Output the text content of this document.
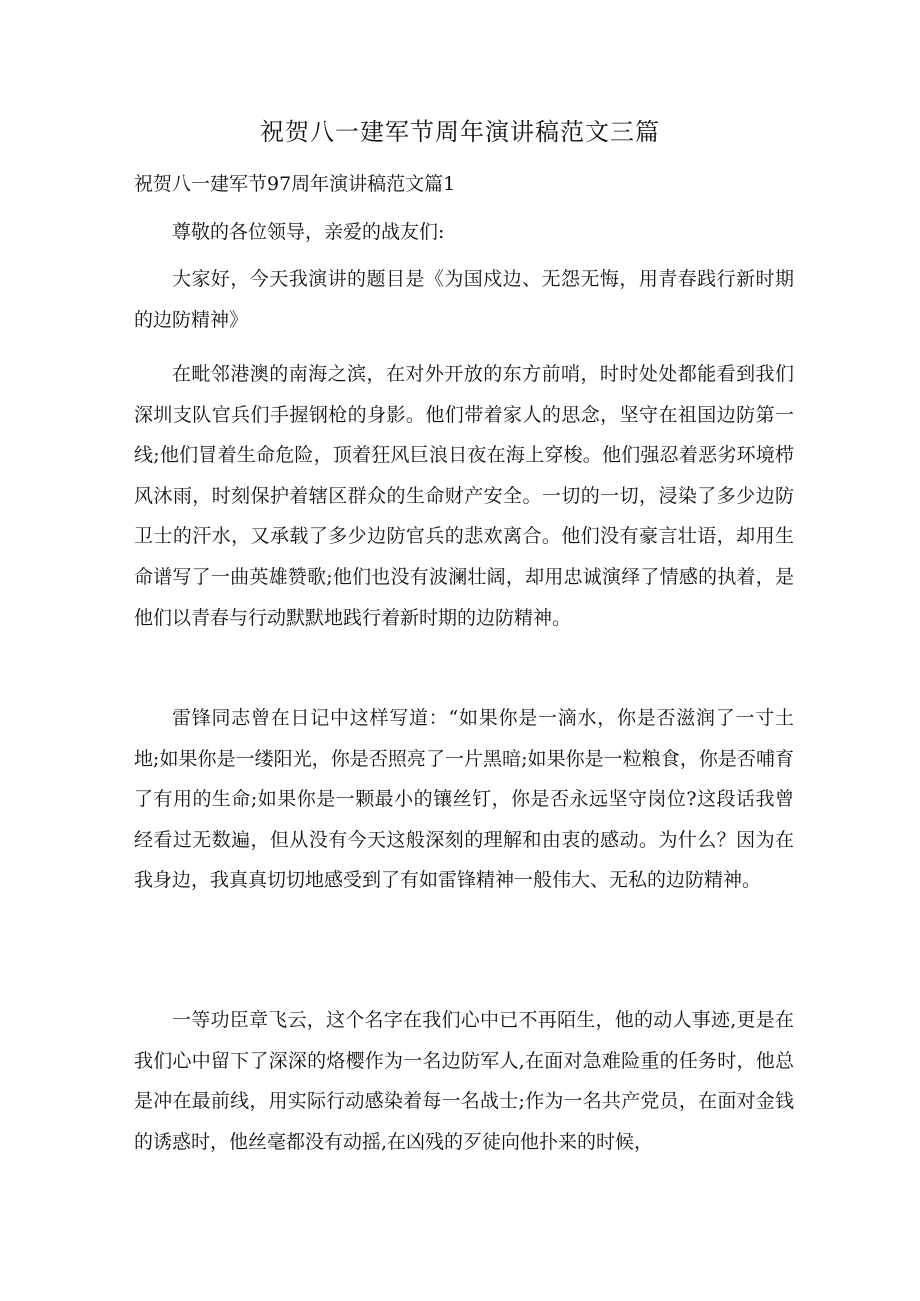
祝贺八一建军节周年演讲稿范文三篇
祝贺八一建军节97周年演讲稿范文篇1

尊敬的各位领导，亲爱的战友们:

大家好，今天我演讲的题目是《为国戍边、无怨无悔，用青春践行新时期的边防精神》

在毗邻港澳的南海之滨，在对外开放的东方前哨，时时处处都能看到我们深圳支队官兵们手握钢枪的身影。他们带着家人的思念，坚守在祖国边防第一线;他们冒着生命危险，顶着狂风巨浪日夜在海上穿梭。他们强忍着恶劣环境栉风沐雨，时刻保护着辖区群众的生命财产安全。一切的一切，浸染了多少边防卫士的汗水，又承载了多少边防官兵的悲欢离合。他们没有豪言壮语，却用生命谱写了一曲英雄赞歌;他们也没有波澜壮阔，却用忠诚演绎了情感的执着，是他们以青春与行动默默地践行着新时期的边防精神。

雷锋同志曾在日记中这样写道：“如果你是一滴水，你是否滋润了一寸土地;如果你是一缕阳光，你是否照亮了一片黑暗;如果你是一粒粮食，你是否哺育了有用的生命;如果你是一颗最小的镶丝钉，你是否永远坚守岗位?这段话我曾经看过无数遍，但从没有今天这般深刻的理解和由衷的感动。为什么？因为在我身边，我真真切切地感受到了有如雷锋精神一般伟大、无私的边防精神。

一等功臣章飞云，这个名字在我们心中已不再陌生，他的动人事迹,更是在我们心中留下了深深的烙樱作为一名边防军人,在面对急难险重的任务时，他总是冲在最前线，用实际行动感染着每一名战士;作为一名共产党员，在面对金钱的诱惑时，他丝毫都没有动摇,在凶残的歹徒向他扑来的时候，
